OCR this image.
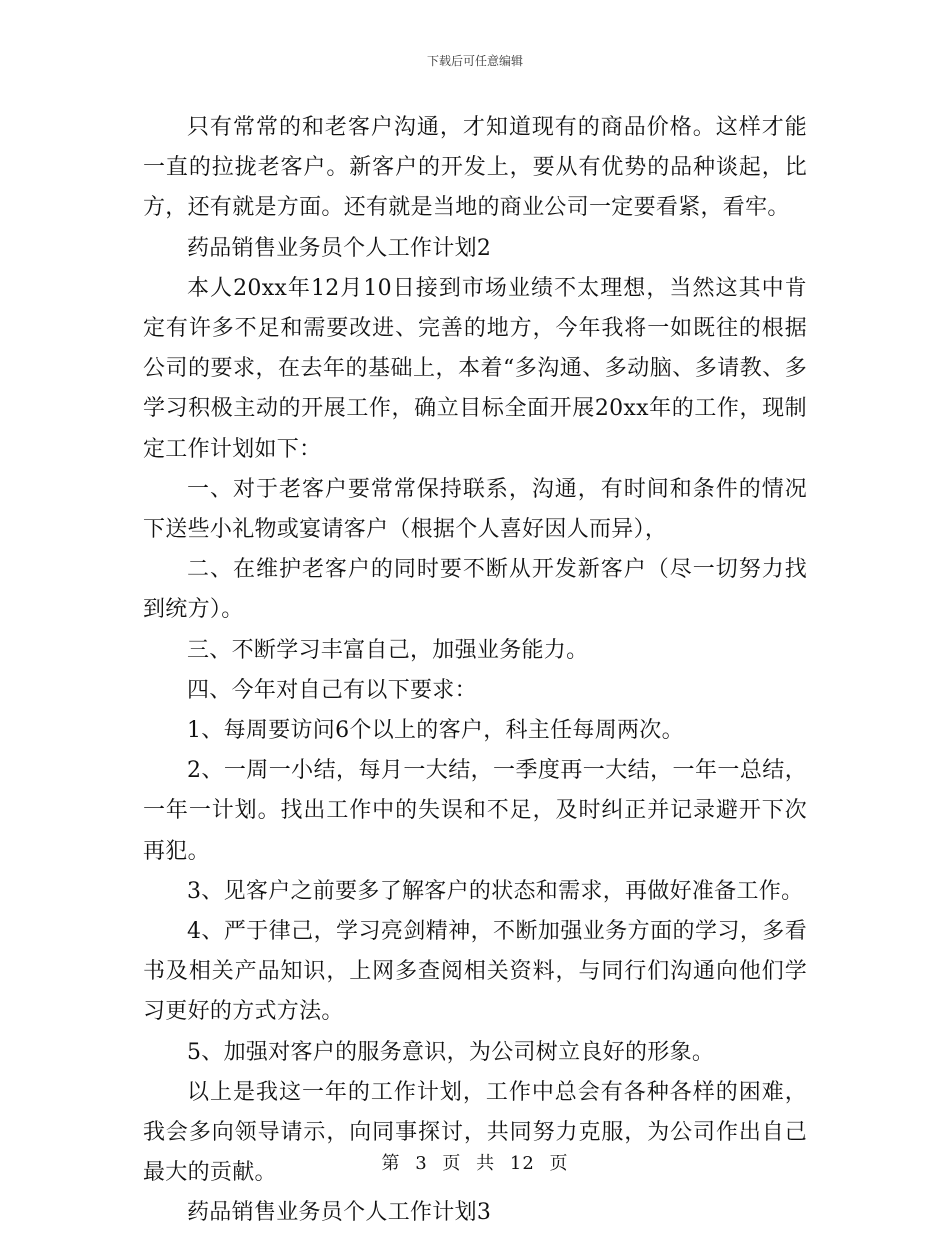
下载后可任意编辑

只有常常的和老客户沟通，才知道现有的商品价格。这样才能一直的拉拢老客户。新客户的开发上，要从有优势的品种谈起，比方，还有就是方面。还有就是当地的商业公司一定要看紧，看牢。

药品销售业务员个人工作计划2

本人20xx年12月10日接到市场业绩不太理想，当然这其中肯定有许多不足和需要改进、完善的地方，今年我将一如既往的根据公司的要求，在去年的基础上，本着“多沟通、多动脑、多请教、多学习积极主动的开展工作，确立目标全面开展20xx年的工作，现制定工作计划如下：

一、对于老客户要常常保持联系，沟通，有时间和条件的情况下送些小礼物或宴请客户（根据个人喜好因人而异），

二、在维护老客户的同时要不断从开发新客户（尽一切努力找到统方）。

三、不断学习丰富自己，加强业务能力。

四、今年对自己有以下要求：

1、每周要访问6个以上的客户，科主任每周两次。

2、一周一小结，每月一大结，一季度再一大结，一年一总结，一年一计划。找出工作中的失误和不足，及时纠正并记录避开下次再犯。

3、见客户之前要多了解客户的状态和需求，再做好准备工作。

4、严于律己，学习亮剑精神，不断加强业务方面的学习，多看书及相关产品知识，上网多查阅相关资料，与同行们沟通向他们学习更好的方式方法。

5、加强对客户的服务意识，为公司树立良好的形象。

以上是我这一年的工作计划，工作中总会有各种各样的困难，我会多向领导请示，向同事探讨，共同努力克服，为公司作出自己最大的贡献。

药品销售业务员个人工作计划3

第 3 页 共 12 页
